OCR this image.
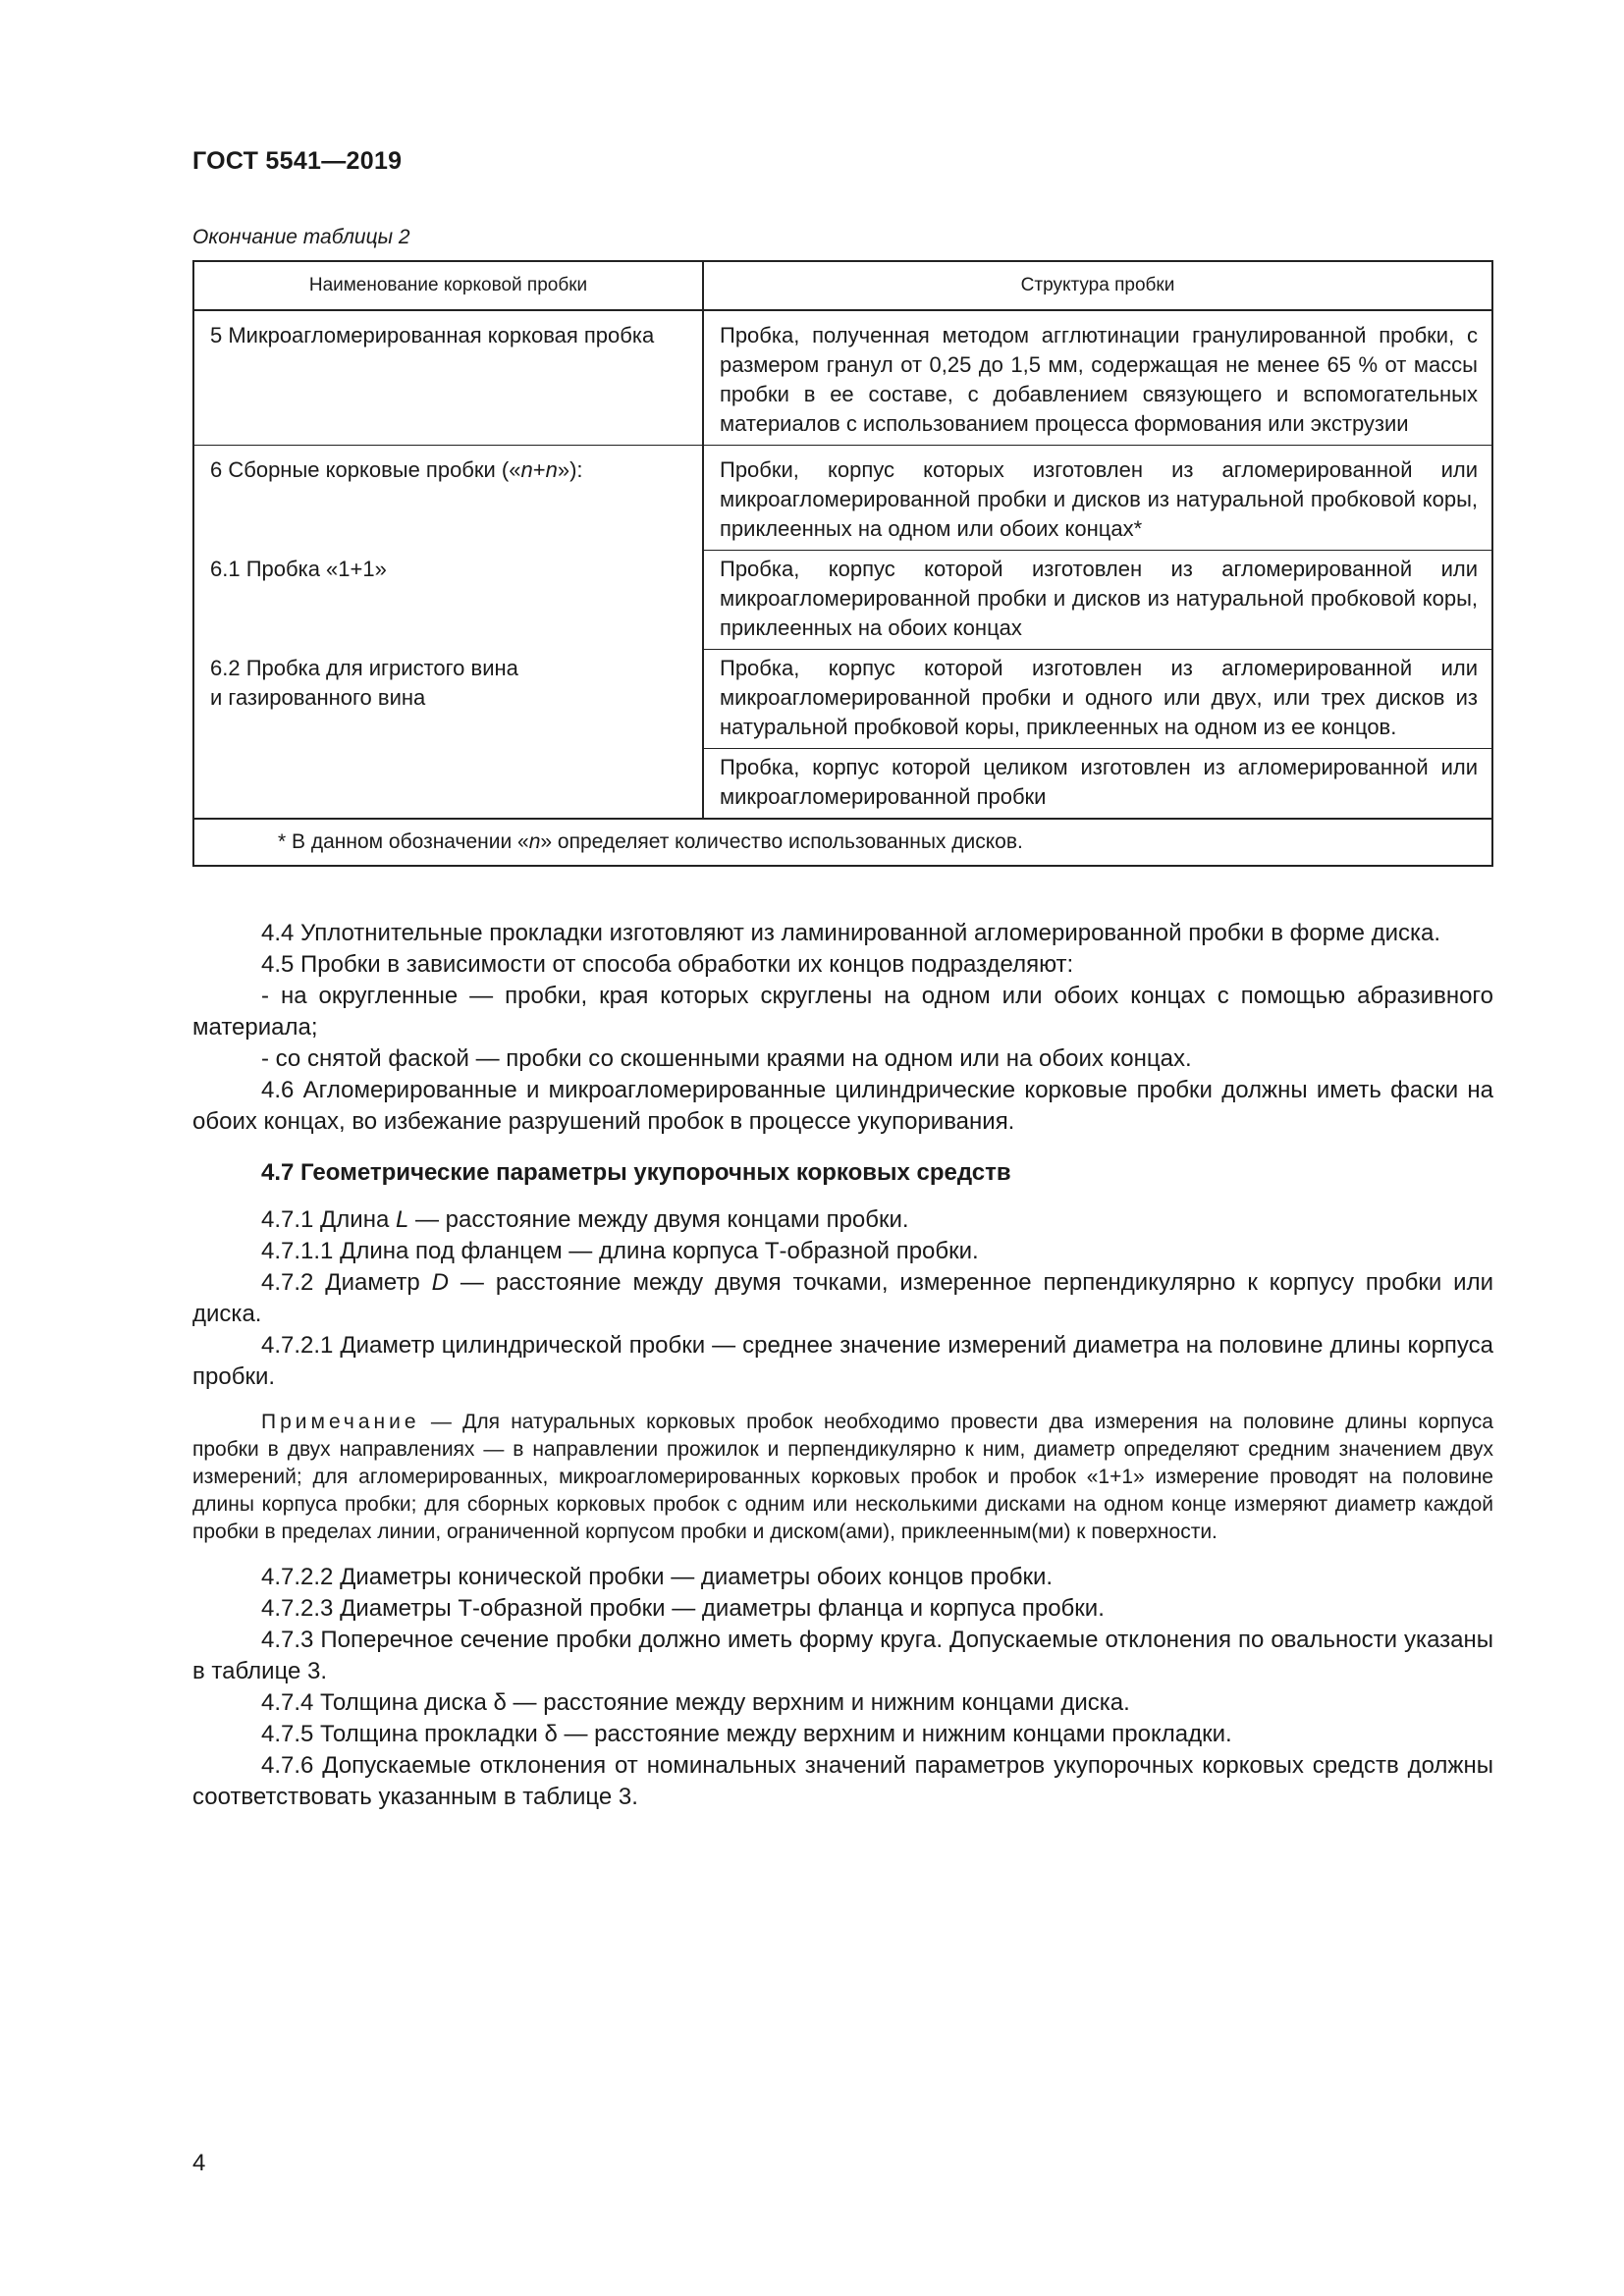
ГОСТ 5541—2019
Окончание таблицы 2
Наименование корковой пробки	Структура пробки
5 Микроагломерированная корковая пробка	Пробка, полученная методом агглютинации гранулированной пробки, с размером гранул от 0,25 до 1,5 мм, содержащая не менее 65 % от массы пробки в ее составе, с добавлением связующего и вспомогательных материалов с использованием процесса формования или экструзии
6 Сборные корковые пробки («n+n»):	Пробки, корпус которых изготовлен из агломерированной или микроагломерированной пробки и дисков из натуральной пробковой коры, приклеенных на одном или обоих концах*
6.1 Пробка «1+1»	Пробка, корпус которой изготовлен из агломерированной или микроагломерированной пробки и дисков из натуральной пробковой коры, приклеенных на обоих концах

6.2 Пробка для игристого вина
и газированного вина	Пробка, корпус которой изготовлен из агломерированной или микроагломерированной пробки и одного или двух, или трех дисков из натуральной пробковой коры, приклеенных на одном из ее концов.
	Пробка, корпус которой целиком изготовлен из агломерированной или микроагломерированной пробки
* В данном обозначении «n» определяет количество использованных дисков.	

4.4 Уплотнительные прокладки изготовляют из ламинированной агломерированной пробки в форме диска.

4.5 Пробки в зависимости от способа обработки их концов подразделяют:

- на округленные — пробки, края которых скруглены на одном или обоих концах с помощью абразивного материала;

- со снятой фаской — пробки со скошенными краями на одном или на обоих концах.

4.6 Агломерированные и микроагломерированные цилиндрические корковые пробки должны иметь фаски на обоих концах, во избежание разрушений пробок в процессе укупоривания.

4.7 Геометрические параметры укупорочных корковых средств

4.7.1 Длина L — расстояние между двумя концами пробки.

4.7.1.1 Длина под фланцем — длина корпуса Т-образной пробки.

4.7.2 Диаметр D — расстояние между двумя точками, измеренное перпендикулярно к корпусу пробки или диска.

4.7.2.1 Диаметр цилиндрической пробки — среднее значение измерений диаметра на половине длины корпуса пробки.

Примечание — Для натуральных корковых пробок необходимо провести два измерения на половине длины корпуса пробки в двух направлениях — в направлении прожилок и перпендикулярно к ним, диаметр определяют средним значением двух измерений; для агломерированных, микроагломерированных корковых пробок и пробок «1+1» измерение проводят на половине длины корпуса пробки; для сборных корковых пробок с одним или несколькими дисками на одном конце измеряют диаметр каждой пробки в пределах линии, ограниченной корпусом пробки и диском(ами), приклеенным(ми) к поверхности.

4.7.2.2 Диаметры конической пробки — диаметры обоих концов пробки.

4.7.2.3 Диаметры Т-образной пробки — диаметры фланца и корпуса пробки.

4.7.3 Поперечное сечение пробки должно иметь форму круга. Допускаемые отклонения по овальности указаны в таблице 3.

4.7.4 Толщина диска δ — расстояние между верхним и нижним концами диска.

4.7.5 Толщина прокладки δ — расстояние между верхним и нижним концами прокладки.

4.7.6 Допускаемые отклонения от номинальных значений параметров укупорочных корковых средств должны соответствовать указанным в таблице 3.

4
